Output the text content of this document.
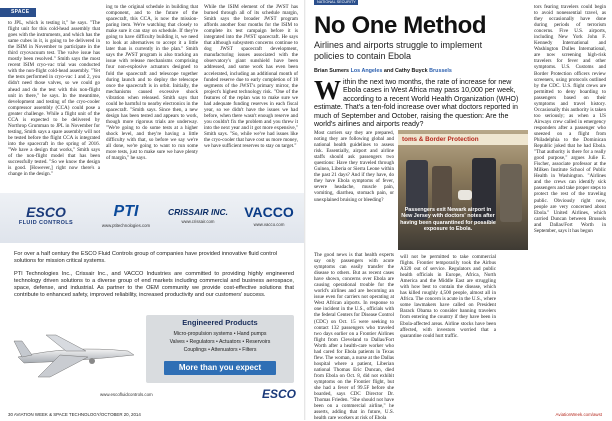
SPACE
to JPL, which is testing it," he says. "The flight unit for this cold-head assembly that goes with the instruments, and which has the same cubes in it, is going to be delivered in the ISIM in November to participate in the third cryovacuum test. The valve issue has mostly been resolved." Smith says the most recent ISIM cryo-vac trial was conducted with the non-flight cold-head assembly. "Yet the tests performed in cryo-vac 1 and 2, you didn't need those valves, so we could go ahead and do the test with this non-flight unit in there," he says. In the meantime, development and testing of the cryo-cooler compressor assembly (CCA) could pose a greater challenge. While a flight unit of the CCA is expected to be delivered by Northrop Grumman to JPL in November for testing, Smith says a spare assembly will not be tested before the flight CCA is integrated into the spacecraft in the spring of 2016. "We have a design that works," Smith says of the non-flight model that has been successfully tested. "So we know the design is good. [However,] right now there's a change in the design."
ing to the original schedule in building that component, and to the future of the spacecraft, this CCA, is now the mission-paring item. We're watching that closely to make sure it can stay on schedule. If they're going to have difficulty building it, we need to look at alternatives to accept it a little later than is currently in the plan." Smith says the JWST program is also tracking an issue with release mechanisms comprising four non-explosive actuators designed to fold the spacecraft and telescope together during launch and to deploy the telescope once the spacecraft is in orbit. Initially, the mechanisms caused excessive shock vibration when released. Smith says that could be harmful to nearby electronics in the spacecraft. "Smith says. Since then, a new design has been tested and appears to work, though more rigorous trials are underway. "We're going to do some tests at a higher shock level, and they're having a little difficulty with that, so before we say we're all done, we're going to want to run some more tests, just to make sure we have plenty of margin," he says.
While the ISIM element of the JWST has burned through all of its schedule margin, Smith says the broader JWST program affords another four months for the ISIM to complete its test campaign before it is integrated into the JWST spacecraft. He says that although subsystem concerns continue to dog JWST spacecraft development, manufacturing issues associated with the observatory's giant sunshield have been addressed, and some work has even been accelerated, including an additional month of funded reserve due to early completion of 18 segments of the JWST's primary mirror, the project's highest technology risk. "One of the features of the replan was to make sure we had adequate funding reserves in each fiscal year, so we didn't have the issues we had before, when there wasn't enough reserve and you couldn't fix the problem and you threw it into the next year and it got more expensive," Smith says. "So, while we've had issues like the cryo-cooler that have cost us more money, we have sufficient reserves to stay on target."
ESCO
FLUID CONTROLS
PTI
www.ptitechnologies.com
CRISSAIR INC.
www.crissair.com
VACCO
www.vacco.com
For over a half century the ESCO Fluid Controls group of companies have provided innovative fluid control solutions for mission critical systems.
PTI Technologies Inc., Crissair Inc., and VACCO Industries are committed to providing highly engineered technology driven solutions to a diverse group of end markets including commercial and business aerospace, space, defense, and industrial. As partner to the OEM community we provide cost-effective solutions that contribute to enhanced safety, improved reliability, increased productivity and our customers' success.
Engineered Products
Micro-propulsion systems • Hand pumps
Valves • Regulators • Actuators • Reservoirs
Couplings • Attenuators • Filters
More than you expect
www.escofluidcontrols.com	ESCO
30 AVIATION WEEK & SPACE TECHNOLOGY/OCTOBER 20, 2014
NATIONAL SECURITY
No One Method
Airlines and airports struggle to implement policies to contain Ebola
Brian Sumers Los Angeles and Cathy Buyck Brussels
Within the next two months, the rate of increase for new Ebola cases in West Africa may pass 10,000 per week, according to a recent World Health Organization (WHO) estimate. That's a ten-fold increase over what doctors reported in much of September and October, raising the question: Are the world's airlines and airports ready?
Most carriers say they are prepared, noting they are following global and national health guidelines to assess risk. Essentially, airport and airline staffs should ask passengers two questions: Have they traveled through Guinea, Liberia or Sierra Leone within the past 21 days? And if they have, do they have Ebola symptoms of fever, severe headache, muscle pain, vomiting, diarrhea, stomach pain, or unexplained bruising or bleeding?
The good news is that health experts say only passengers with acute symptoms can easily transfer the disease to others. But as recent cases have shown, concerns over Ebola are causing operational trouble for the world's airlines and are becoming an issue even for carriers not operating at West African airports. In response to one incident in the U.S., officials with the federal Centers for Disease Control (CDC) on Oct. 15 were seeking to contact 132 passengers who traveled two days earlier on a Frontier Airlines flight from Cleveland to Dallas/Fort Worth after a health-care worker who had cared for Ebola patients in Texas flew. The woman, a nurse at the Dallas hospital where a patient, Liberian national Thomas Eric Duncan, died from Ebola on Oct. 8, did not exhibit symptoms on the Frontier flight, but she had a fever of 99.5F before she boarded, says CDC Director Dr. Thomas Frieden. "She should not have been on a commercial airline," he asserts, adding that in future, U.S. health care workers at risk of Ebola
toms & Border Protection
Passengers exit Newark airport in New Jersey with doctors' notes after having been quarantined for possible exposure to Ebola.
will not be permitted to take commercial flights. Frontier temporarily took the Airbus A320 out of service. Regulators and public health officials in Europe, Africa, North America and the Middle East are struggling with how best to contain the disease, which has killed roughly 4,500 people, almost all in Africa. The concern is acute in the U.S., where some lawmakers have called on President Barack Obama to consider banning travelers from entering the country if they have been in Ebola-affected areas. Airline stocks have been affected, with investors worried that a quarantine could hurt traffic.
tors fearing travelers could begin to avoid nonessential travel, as they occasionally have done during periods of terrorism concerns. Five U.S. airports, including New York John F. Kennedy International and Washington Dulles International, are now screening high-risk travelers for fever and other symptoms. U.S. Customs and Border Protection officers review screeners, using protocols outlined by the CDC. U.S. flight crews are permitted to deny boarding to passengers based on their symptoms and travel history. Occasionally this authority is taken too seriously; as when a US Airways crew called in emergency responders after a passenger who sneezed on a flight from Philadelphia to the Dominican Republic joked that he had Ebola. "That authority is there for a really good purpose," argues Julie E. Fischer, associate professor at the Milken Institute School of Public Health in Washington. "Airlines and the crews can identify sick passengers and take proper steps to protect the rest of the traveling public. Obviously right now, people are very concerned about Ebola." United Airlines, which carried Duncan between Brussels and Dallas/Fort Worth in September, says it has begun
AviationWeek.com/awst
